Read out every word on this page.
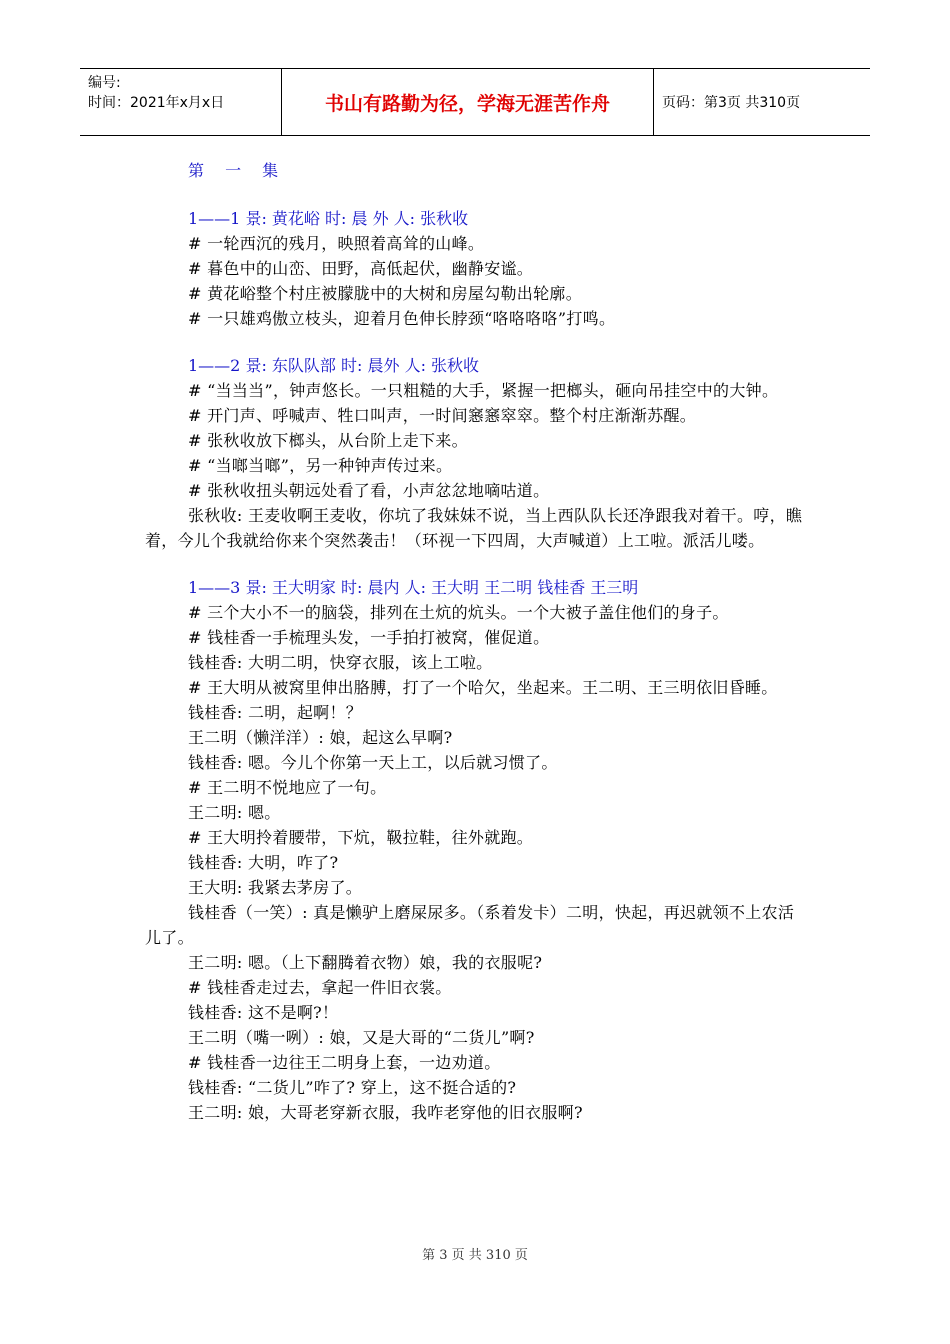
编号:
时间：2021年x月x日	书山有路勤为径，学海无涯苦作舟	页码：第3页 共310页
第 一 集
1——1 景: 黄花峪 时: 晨 外 人: 张秋收

# 一轮西沉的残月，映照着高耸的山峰。

# 暮色中的山峦、田野，高低起伏，幽静安谧。

# 黄花峪整个村庄被朦胧中的大树和房屋勾勒出轮廓。

# 一只雄鸡傲立枝头，迎着月色伸长脖颈“咯咯咯咯”打鸣。

1——2 景: 东队队部 时: 晨外 人: 张秋收

# “当当当”，钟声悠长。一只粗糙的大手，紧握一把榔头，砸向吊挂空中的大钟。

# 开门声、呼喊声、牲口叫声，一时间窸窸窣窣。整个村庄渐渐苏醒。

# 张秋收放下榔头，从台阶上走下来。

# “当啷当啷”，另一种钟声传过来。

# 张秋收扭头朝远处看了看，小声忿忿地嘀咕道。

张秋收: 王麦收啊王麦收，你坑了我妹妹不说，当上西队队长还净跟我对着干。哼，瞧着，今儿个我就给你来个突然袭击！（环视一下四周，大声喊道）上工啦。派活儿喽。

1——3 景: 王大明家 时: 晨内 人: 王大明 王二明 钱桂香 王三明

# 三个大小不一的脑袋，排列在土炕的炕头。一个大被子盖住他们的身子。

# 钱桂香一手梳理头发，一手拍打被窝，催促道。

钱桂香: 大明二明，快穿衣服，该上工啦。

# 王大明从被窝里伸出胳膊，打了一个哈欠，坐起来。王二明、王三明依旧昏睡。

钱桂香: 二明，起啊！？

王二明（懒洋洋）: 娘，起这么早啊?

钱桂香: 嗯。今儿个你第一天上工，以后就习惯了。

# 王二明不悦地应了一句。

王二明: 嗯。

# 王大明拎着腰带，下炕，靸拉鞋，往外就跑。

钱桂香: 大明，咋了?

王大明: 我紧去茅房了。

钱桂香（一笑）: 真是懒驴上磨屎尿多。（系着发卡）二明，快起，再迟就领不上农活儿了。

王二明: 嗯。（上下翻腾着衣物）娘，我的衣服呢?

# 钱桂香走过去，拿起一件旧衣裳。

钱桂香: 这不是啊?！

王二明（嘴一咧）: 娘，又是大哥的“二货儿”啊?

# 钱桂香一边往王二明身上套，一边劝道。

钱桂香: “二货儿”咋了? 穿上，这不挺合适的?

王二明: 娘，大哥老穿新衣服，我咋老穿他的旧衣服啊?

第 3 页 共 310 页
